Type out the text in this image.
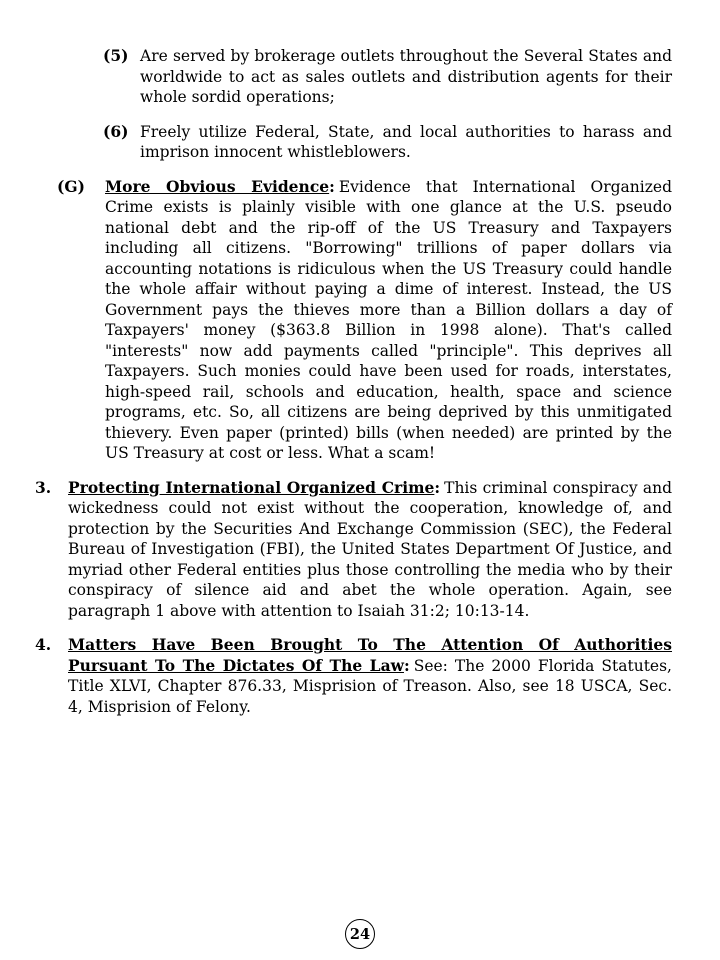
(5) Are served by brokerage outlets throughout the Several States and worldwide to act as sales outlets and distribution agents for their whole sordid operations;
(6) Freely utilize Federal, State, and local authorities to harass and imprison innocent whistleblowers.
(G)	More Obvious Evidence: Evidence that International Organized Crime exists is plainly visible with one glance at the U.S. pseudo national debt and the rip-off of the US Treasury and Taxpayers including all citizens. "Borrowing" trillions of paper dollars via accounting notations is ridiculous when the US Treasury could handle the whole affair without paying a dime of interest. Instead, the US Government pays the thieves more than a Billion dollars a day of Taxpayers' money ($363.8 Billion in 1998 alone). That's called "interests" now add payments called "principle". This deprives all Taxpayers. Such monies could have been used for roads, interstates, high-speed rail, schools and education, health, space and science programs, etc. So, all citizens are being deprived by this unmitigated thievery. Even paper (printed) bills (when needed) are printed by the US Treasury at cost or less. What a scam!
3.	Protecting International Organized Crime: This criminal conspiracy and wickedness could not exist without the cooperation, knowledge of, and protection by the Securities And Exchange Commission (SEC), the Federal Bureau of Investigation (FBI), the United States Department Of Justice, and myriad other Federal entities plus those controlling the media who by their conspiracy of silence aid and abet the whole operation. Again, see paragraph 1 above with attention to Isaiah 31:2; 10:13-14.
4.	Matters Have Been Brought To The Attention Of Authorities Pursuant To The Dictates Of The Law: See: The 2000 Florida Statutes, Title XLVI, Chapter 876.33, Misprision of Treason. Also, see 18 USCA, Sec. 4, Misprision of Felony.
24
